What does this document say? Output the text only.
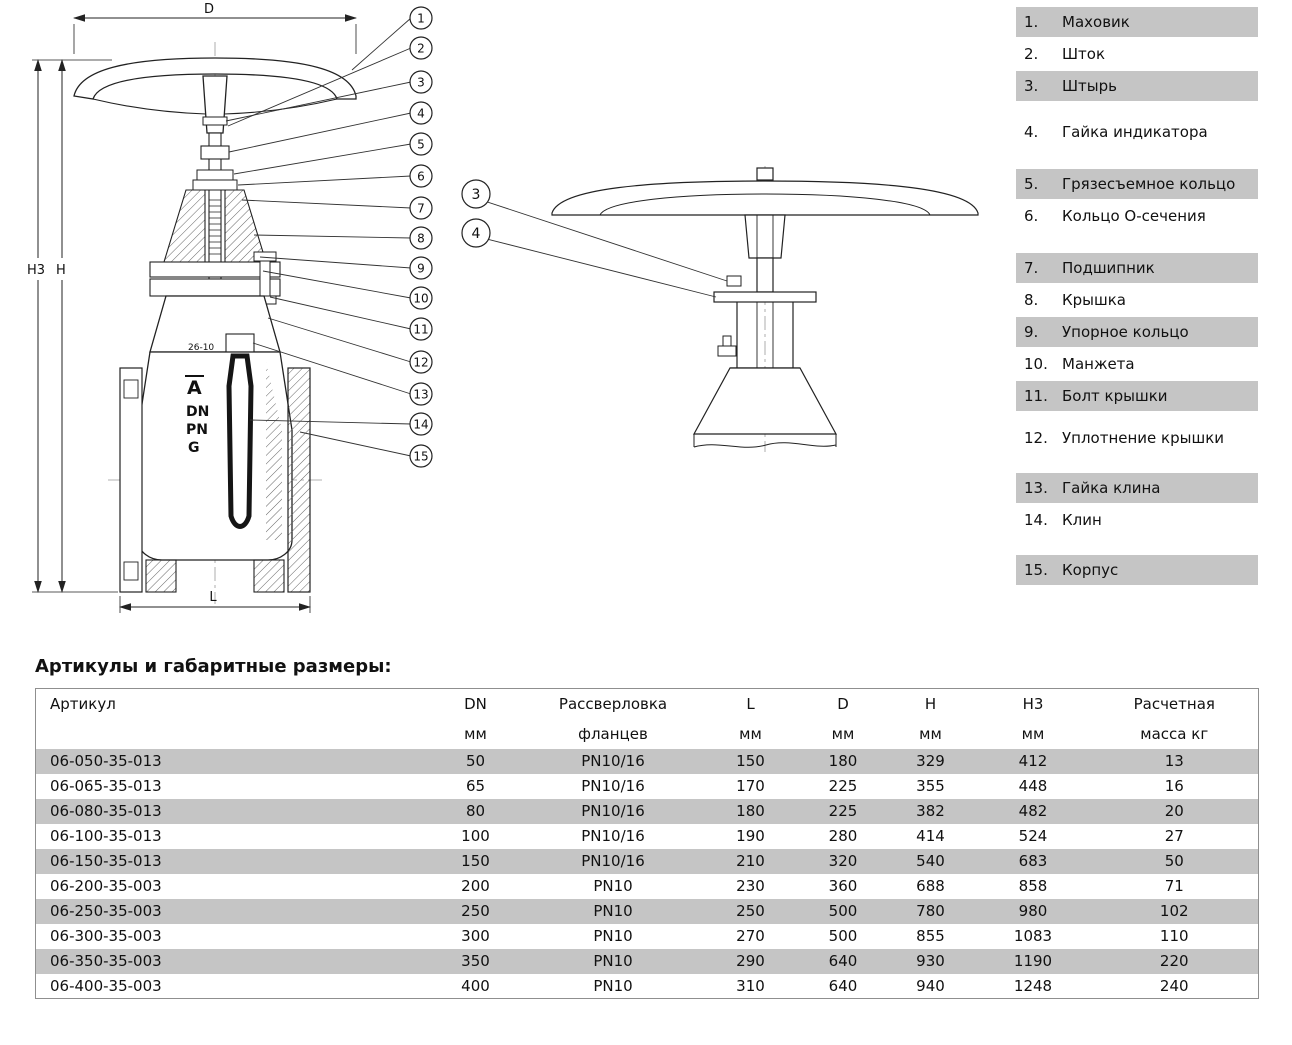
26-10
A
DN
PN
G
D
H3 H
L
1
2
3
4
5
6
7
8
9
10
11
12
13
14
15
3
4
1.	Маховик
2.	Шток
3.	Штырь
4.	Гайка индикатора
5.	Грязесъемное кольцо
6.	Кольцо О-сечения
7.	Подшипник
8.	Крышка
9.	Упорное кольцо
10. Манжета
11. Болт крышки
12. Уплотнение крышки
13. Гайка клина
14. Клин
15. Корпус
Артикулы и габаритные размеры:
Артикул	DN	Рассверловка	L	D	H	H3	Расчетная
	мм	фланцев	мм	мм	мм	мм	масса кг
06-050-35-013	50	PN10/16	150	180	329	412	13
06-065-35-013	65	PN10/16	170	225	355	448	16
06-080-35-013	80	PN10/16	180	225	382	482	20
06-100-35-013	100	PN10/16	190	280	414	524	27
06-150-35-013	150	PN10/16	210	320	540	683	50
06-200-35-003	200	PN10	230	360	688	858	71
06-250-35-003	250	PN10	250	500	780	980	102
06-300-35-003	300	PN10	270	500	855	1083	110
06-350-35-003	350	PN10	290	640	930	1190	220
06-400-35-003	400	PN10	310	640	940	1248	240
